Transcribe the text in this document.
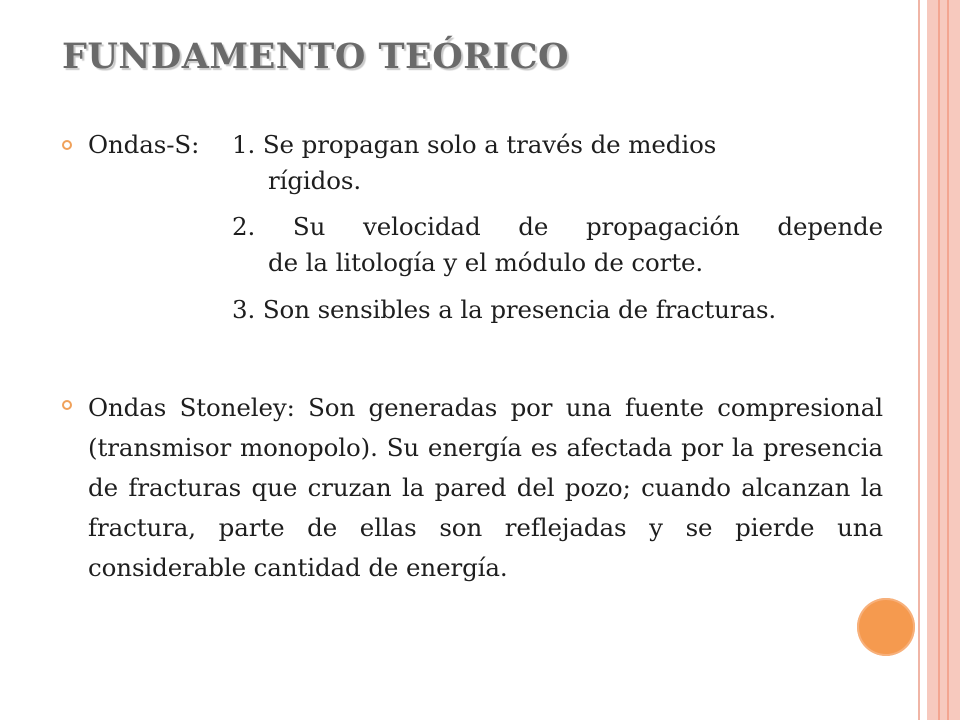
FUNDAMENTO TEÓRICO
Ondas-S: 1. Se propagan solo a través de medios
rígidos.
2. Su velocidad de propagación depende
de la litología y el módulo de corte.
3. Son sensibles a la presencia de fracturas.
Ondas Stoneley: Son generadas por una fuente compresional (transmisor monopolo). Su energía es afectada por la presencia de fracturas que cruzan la pared del pozo; cuando alcanzan la fractura, parte de ellas son reflejadas y se pierde una considerable cantidad de energía.
